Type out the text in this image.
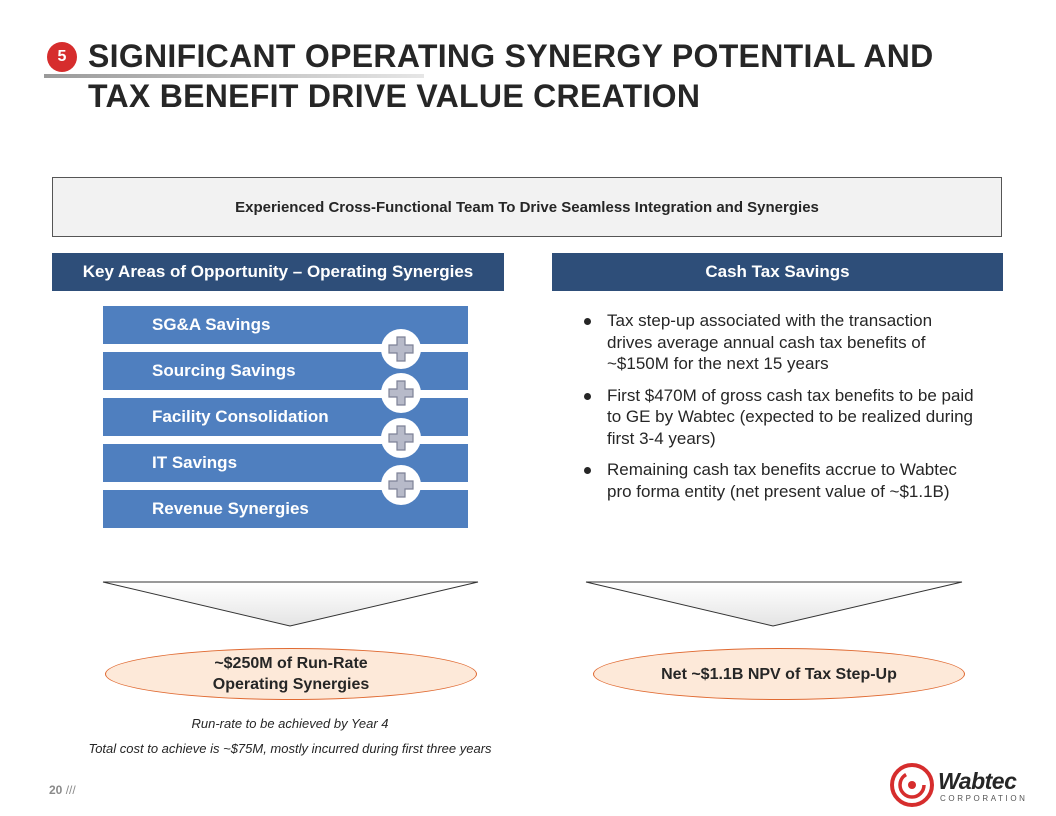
5 SIGNIFICANT OPERATING SYNERGY POTENTIAL AND
TAX BENEFIT DRIVE VALUE CREATION
Experienced Cross-Functional Team To Drive Seamless Integration and Synergies
Key Areas of Opportunity – Operating Synergies	Cash Tax Savings
SG&A Savings
Sourcing Savings
Facility Consolidation
IT Savings
Revenue Synergies
Tax step-up associated with the transaction drives average annual cash tax benefits of ~$150M for the next 15 years
First $470M of gross cash tax benefits to be paid to GE by Wabtec (expected to be realized during first 3-4 years)
Remaining cash tax benefits accrue to Wabtec pro forma entity (net present value of ~$1.1B)
~$250M of Run-Rate
Operating Synergies
Net ~$1.1B NPV of Tax Step-Up
Run-rate to be achieved by Year 4
Total cost to achieve is ~$75M, mostly incurred during first three years
20 ///	Wabtec
CORPORATION
